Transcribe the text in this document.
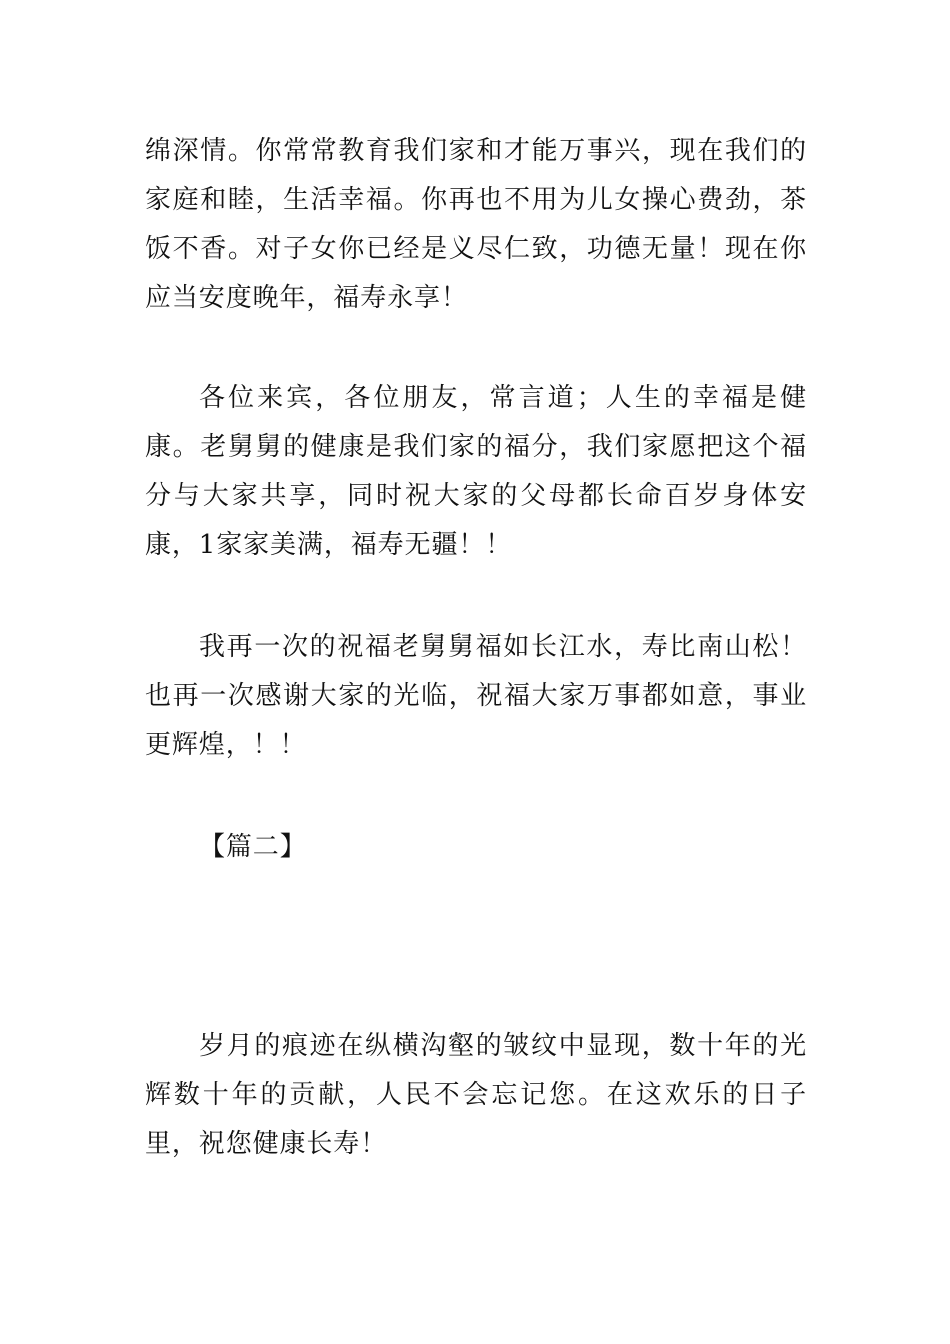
绵深情。你常常教育我们家和才能万事兴，现在我们的家庭和睦，生活幸福。你再也不用为儿女操心费劲，茶饭不香。对子女你已经是义尽仁致，功德无量！现在你应当安度晚年，福寿永享！

各位来宾，各位朋友，常言道；人生的幸福是健康。老舅舅的健康是我们家的福分，我们家愿把这个福分与大家共享，同时祝大家的父母都长命百岁身体安康，1家家美满，福寿无疆！！

我再一次的祝福老舅舅福如长江水，寿比南山松！也再一次感谢大家的光临，祝福大家万事都如意，事业更辉煌，！！

【篇二】

岁月的痕迹在纵横沟壑的皱纹中显现，数十年的光辉数十年的贡献，人民不会忘记您。在这欢乐的日子里，祝您健康长寿！
